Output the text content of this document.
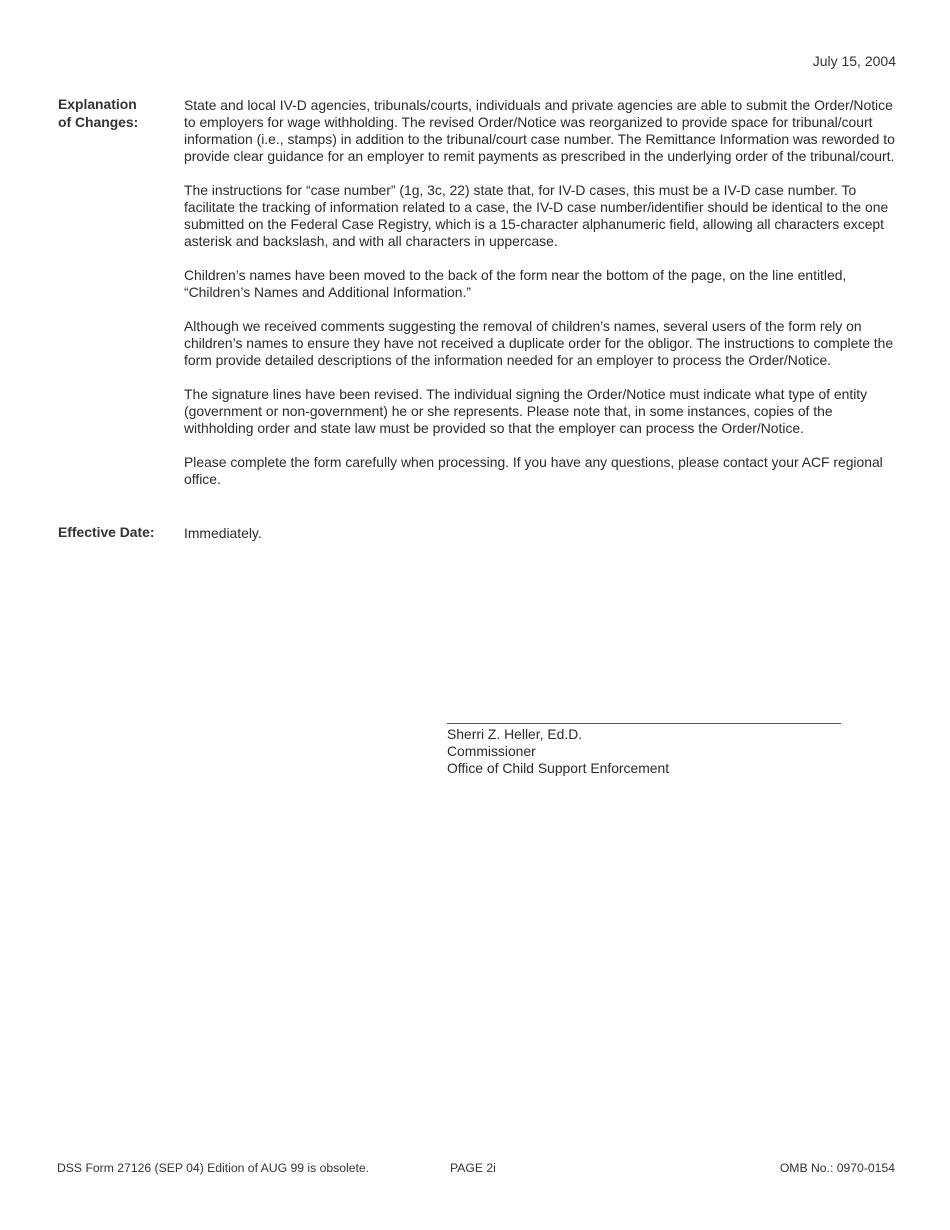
July 15, 2004
Explanation
of Changes:

State and local IV-D agencies, tribunals/courts, individuals and private agencies are able to submit the Order/Notice to employers for wage withholding. The revised Order/Notice was reorganized to provide space for tribunal/court information (i.e., stamps) in addition to the tribunal/court case number. The Remittance Information was reworded to provide clear guidance for an employer to remit payments as prescribed in the underlying order of the tribunal/court.

The instructions for “case number” (1g, 3c, 22) state that, for IV-D cases, this must be a IV-D case number. To facilitate the tracking of information related to a case, the IV-D case number/identifier should be identical to the one submitted on the Federal Case Registry, which is a 15-character alphanumeric field, allowing all characters except asterisk and backslash, and with all characters in uppercase.

Children’s names have been moved to the back of the form near the bottom of the page, on the line entitled, “Children’s Names and Additional Information.”

Although we received comments suggesting the removal of children’s names, several users of the form rely on children’s names to ensure they have not received a duplicate order for the obligor. The instructions to complete the form provide detailed descriptions of the information needed for an employer to process the Order/Notice.

The signature lines have been revised. The individual signing the Order/Notice must indicate what type of entity (government or non-government) he or she represents. Please note that, in some instances, copies of the withholding order and state law must be provided so that the employer can process the Order/Notice.

Please complete the form carefully when processing. If you have any questions, please contact your ACF regional office.

Effective Date: Immediately.
Sherri Z. Heller, Ed.D.
Commissioner
Office of Child Support Enforcement
DSS Form 27126 (SEP 04) Edition of AUG 99 is obsolete.	PAGE 2i	OMB No.: 0970-0154
